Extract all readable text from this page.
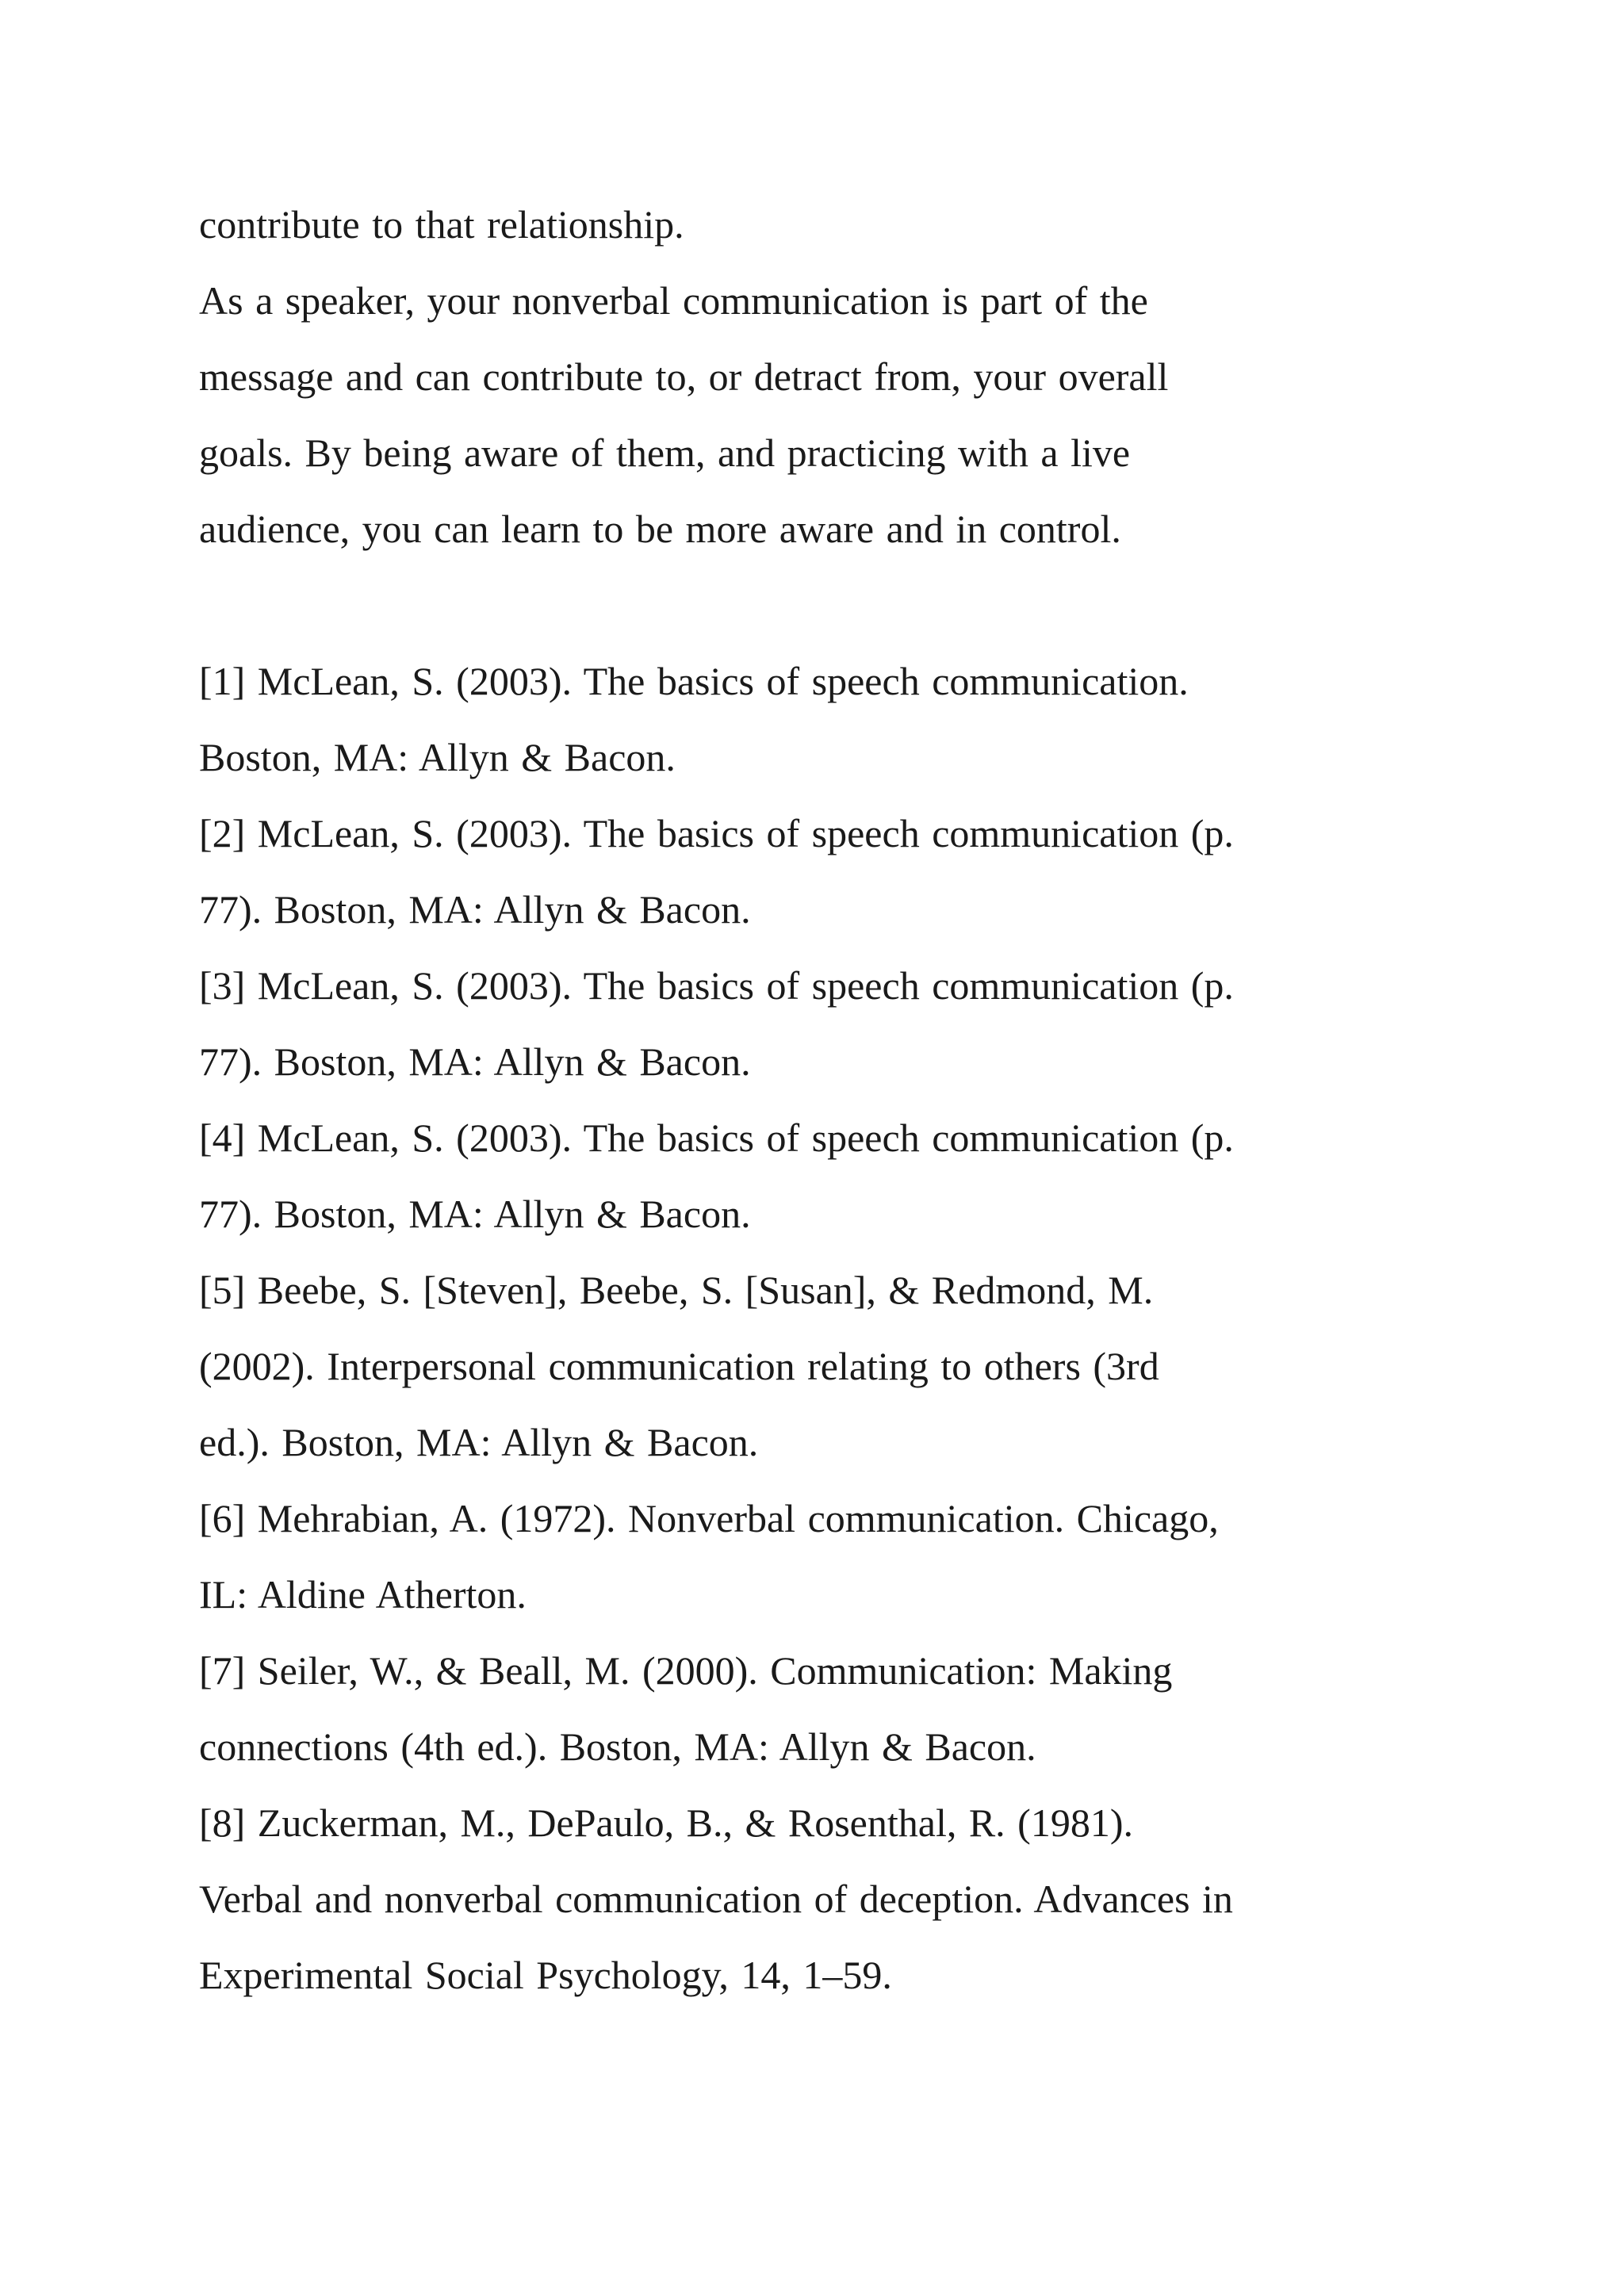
contribute to that relationship.

As a speaker, your nonverbal communication is part of the

message and can contribute to, or detract from, your overall

goals. By being aware of them, and practicing with a live

audience, you can learn to be more aware and in control.

[1] McLean, S. (2003). The basics of speech communication.
Boston, MA: Allyn & Bacon.

[2] McLean, S. (2003). The basics of speech communication (p.
77). Boston, MA: Allyn & Bacon.

[3] McLean, S. (2003). The basics of speech communication (p.
77). Boston, MA: Allyn & Bacon.

[4] McLean, S. (2003). The basics of speech communication (p.
77). Boston, MA: Allyn & Bacon.

[5] Beebe, S. [Steven], Beebe, S. [Susan], & Redmond, M.
(2002). Interpersonal communication relating to others (3rd
ed.). Boston, MA: Allyn & Bacon.

[6] Mehrabian, A. (1972). Nonverbal communication. Chicago,
IL: Aldine Atherton.

[7] Seiler, W., & Beall, M. (2000). Communication: Making
connections (4th ed.). Boston, MA: Allyn & Bacon.

[8] Zuckerman, M., DePaulo, B., & Rosenthal, R. (1981).
Verbal and nonverbal communication of deception. Advances in
Experimental Social Psychology, 14, 1–59.
